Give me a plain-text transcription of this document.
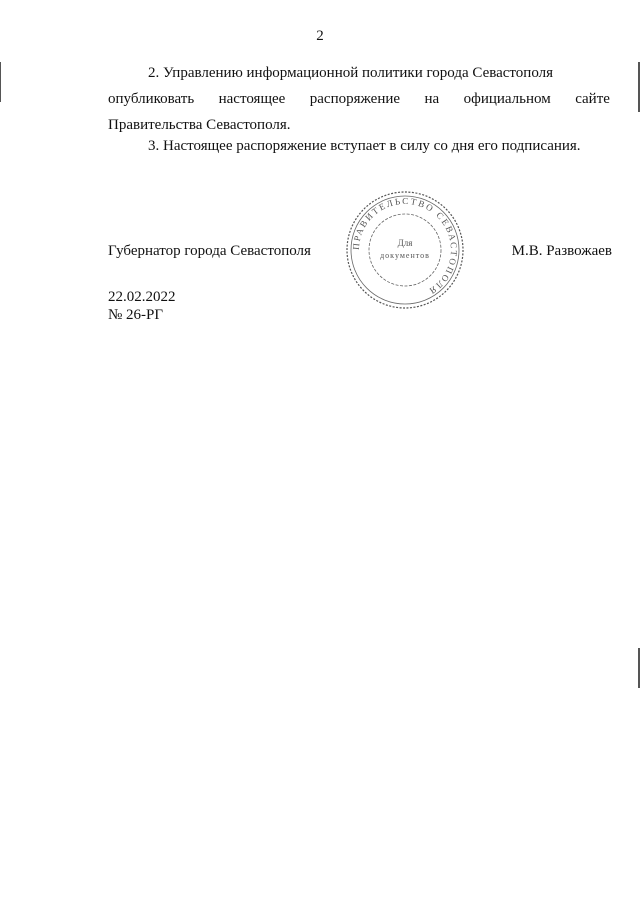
2
2. Управлению информационной политики города Севастополя
опубликовать настоящее распоряжение на официальном сайте
Правительства Севастополя.
3. Настоящее распоряжение вступает в силу со дня его подписания.
Губернатор города Севастополя	М.В. Развожаев
ПРАВИТЕЛЬСТВО СЕВАСТОПОЛЯ
Для
документов
22.02.2022
№ 26-РГ
